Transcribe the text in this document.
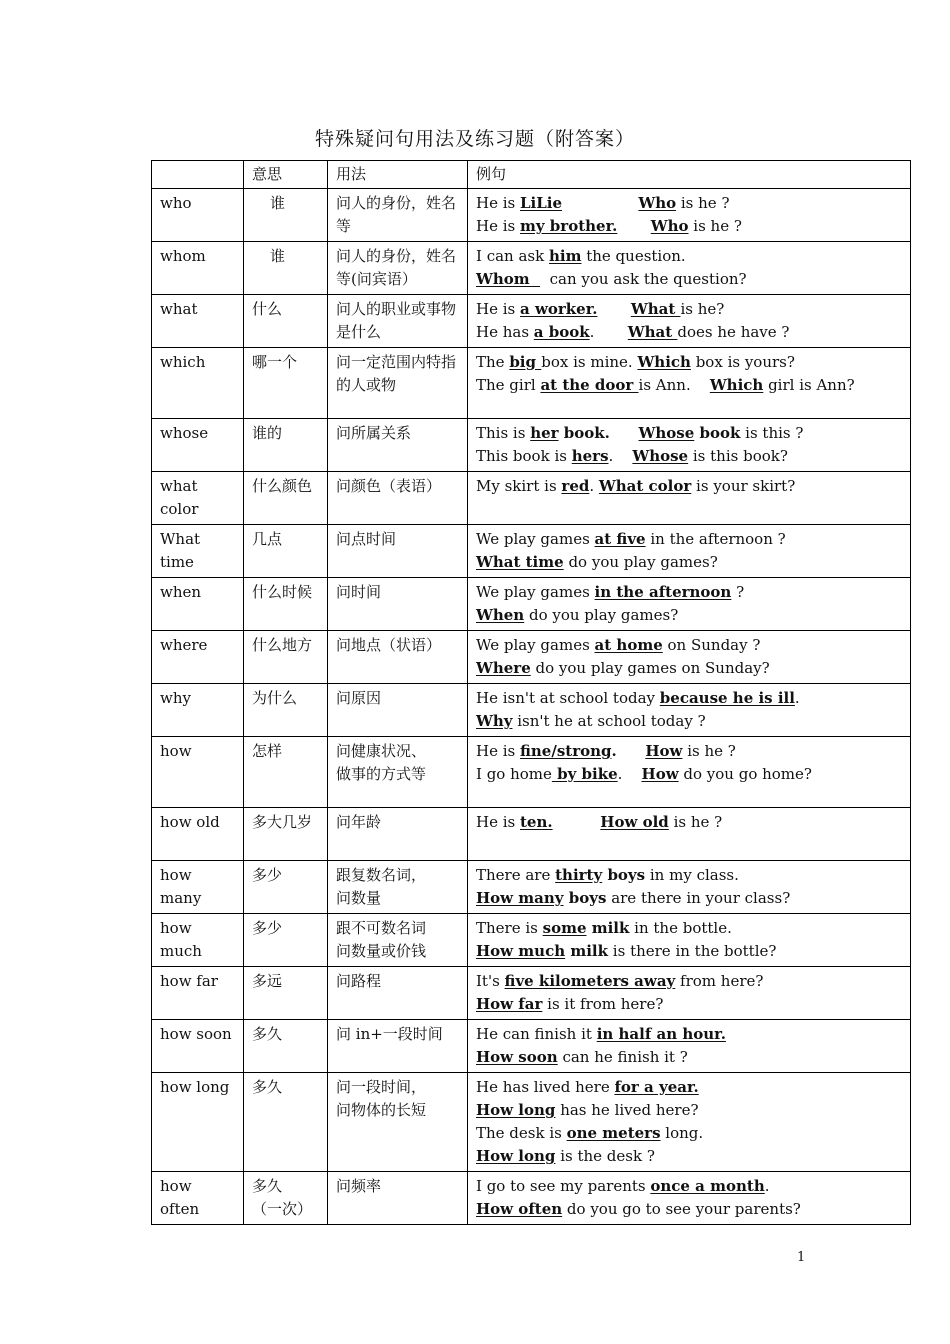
特殊疑问句用法及练习题（附答案）
	意思	用法	例句
who	谁	问人的身份，姓名
等	He is LiLie Who is he ?
He is my brother. Who is he ?

whom	谁	问人的身份，姓名
等(问宾语）	I can ask him the question.
Whom    can you ask the question?

what	什么	问人的职业或事物
是什么	He is a worker. What is he?
He has a book.       What does he have ?

which	哪一个	问一定范围内特指
的人或物	The big box is mine. Which box is yours?
The girl at the door is Ann.    Which girl is Ann?

whose	谁的	问所属关系	This is her book. Whose book is this ?
This book is hers.    Whose is this book?

what color	什么颜色	问颜色（表语）	My skirt is red. What color is your skirt?

What time	几点	问点时间	We play games at five in the afternoon ?
What time do you play games?

when	什么时候	问时间	We play games in the afternoon ?
When do you play games?

where	什么地方	问地点（状语）	We play games at home on Sunday ?
Where do you play games on Sunday?

why	为什么	问原因	He isn't at school today because he is ill.
Why isn't he at school today ?

how	怎样	问健康状况、
做事的方式等	He is fine/strong. How is he ?
I go home by bike.    How do you go home?

how old	多大几岁	问年龄	He is ten. How old is he ?

how many	多少	跟复数名词，
问数量	There are thirty boys in my class.
How many boys are there in your class?

how much	多少	跟不可数名词
问数量或价钱	There is some milk in the bottle.
How much milk is there in the bottle?

how far	多远	问路程	It's five kilometers away from here?
How far is it from here?

how soon	多久	问 in+一段时间	He can finish it in half an hour.
How soon can he finish it ?

how long	多久	问一段时间，
问物体的长短	He has lived here for a year.
How long has he lived here?
The desk is one meters long.
How long is the desk ?

how often	多久
（一次）	问频率	I go to see my parents once a month.
How often do you go to see your parents?
1
